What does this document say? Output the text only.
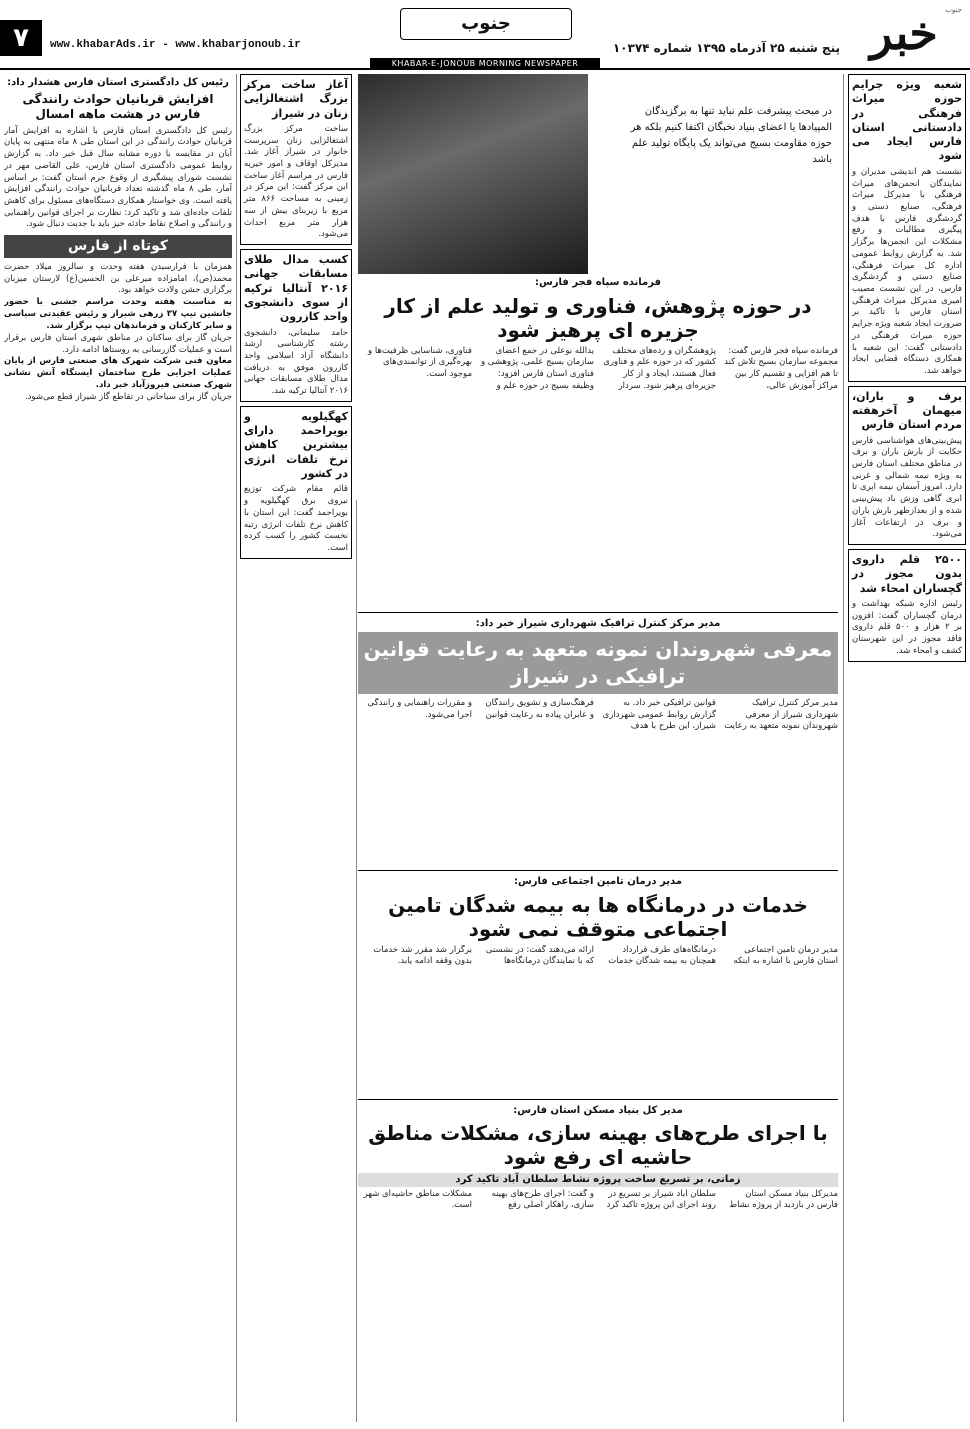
خبر	جنوب
پنج شنبه ۲۵ آذرماه ۱۳۹۵ شماره ۱۰۳۷۴
جنوب
www.khabarAds.ir - www.khabarjonoub.ir
۷
KHABAR-E-JONOUB MORNING NEWSPAPER
شعبه ویژه جرایم حوزه میراث فرهنگی در دادستانی استان فارس ایجاد می شود
نشست هم اندیشی مدیران و نمایندگان انجمن‌های میراث فرهنگی با مدیرکل میراث فرهنگی، صنایع دستی و گردشگری فارس با هدف پیگیری مطالبات و رفع مشکلات این انجمن‌ها برگزار شد. به گزارش روابط عمومی اداره کل میراث فرهنگی، صنایع دستی و گردشگری فارس، در این نشست مصیب امیری مدیرکل میراث فرهنگی استان فارس با تاکید بر ضرورت ایجاد شعبه ویژه جرایم حوزه میراث فرهنگی در دادستانی گفت: این شعبه با همکاری دستگاه قضایی ایجاد خواهد شد.
برف و باران، میهمان آخرهفته مردم استان فارس
پیش‌بینی‌های هواشناسی فارس حکایت از بارش باران و برف در مناطق مختلف استان فارس به ویژه نیمه شمالی و غربی دارد. امروز آسمان نیمه ابری تا ابری گاهی وزش باد پیش‌بینی شده و از بعدازظهر بارش باران و برف در ارتفاعات آغاز می‌شود.
۲۵۰۰ قلم داروی بدون مجوز در گچساران امحاء شد
رئیس اداره شبکه بهداشت و درمان گچساران گفت: افزون بر ۲ هزار و ۵۰۰ قلم داروی فاقد مجوز در این شهرستان کشف و امحاء شد.
در مبحث پیشرفت علم نباید تنها به برگزیدگان المپیادها یا اعضای بنیاد نخبگان اکتفا کنیم بلکه هر حوزه مقاومت بسیج می‌تواند یک پایگاه تولید علم باشد
فرمانده سپاه فجر فارس:
در حوزه پژوهش، فناوری و تولید علم از کار جزیره ای پرهیز شود
فرمانده سپاه فجر فارس گفت: مجموعه سازمان بسیج تلاش کند تا هم افزایی و تقسیم کار بین مراکز آموزش عالی، پژوهشگران و رده‌های مختلف کشور که در حوزه علم و فناوری فعال هستند، ایجاد و از کار جزیره‌ای پرهیز شود. سردار یدالله بوعلی در جمع اعضای سازمان بسیج علمی، پژوهشی و فناوری استان فارس افزود: وظیفه بسیج در حوزه علم و فناوری، شناسایی ظرفیت‌ها و بهره‌گیری از توانمندی‌های موجود است.
مدیر مرکز کنترل ترافیک شهرداری شیراز خبر داد:
معرفی شهروندان نمونه متعهد به رعایت قوانین ترافیکی در شیراز
مدیر مرکز کنترل ترافیک شهرداری شیراز از معرفی شهروندان نمونه متعهد به رعایت قوانین ترافیکی خبر داد. به گزارش روابط عمومی شهرداری شیراز، این طرح با هدف فرهنگ‌سازی و تشویق رانندگان و عابران پیاده به رعایت قوانین و مقررات راهنمایی و رانندگی اجرا می‌شود.
مدیر درمان تامین اجتماعی فارس:
خدمات در درمانگاه ها به بیمه شدگان تامین اجتماعی متوقف نمی شود
مدیر درمان تامین اجتماعی استان فارس با اشاره به اینکه درمانگاه‌های طرف قرارداد همچنان به بیمه شدگان خدمات ارائه می‌دهند گفت: در نشستی که با نمایندگان درمانگاه‌ها برگزار شد مقرر شد خدمات بدون وقفه ادامه یابد.
مدیر کل بنیاد مسکن استان فارس:
با اجرای طرح‌های بهینه سازی، مشکلات مناطق حاشیه ای رفع شود
زمانی، بر تسریع ساخت پروژه نشاط سلطان آباد تاکید کرد
مدیرکل بنیاد مسکن استان فارس در بازدید از پروژه نشاط سلطان آباد شیراز بر تسریع در روند اجرای این پروژه تاکید کرد و گفت: اجرای طرح‌های بهینه سازی، راهکار اصلی رفع مشکلات مناطق حاشیه‌ای شهر است.
آغاز ساخت مرکز بزرگ اشتغالزایی زنان در شیراز
ساخت مرکز بزرگ اشتغالزایی زنان سرپرست خانوار در شیراز آغاز شد. مدیرکل اوقاف و امور خیریه فارس در مراسم آغاز ساخت این مرکز گفت: این مرکز در زمینی به مساحت ۸۶۶ متر مربع با زیربنای بیش از سه هزار متر مربع احداث می‌شود.
کسب مدال طلای مسابقات جهانی ۲۰۱۶ آنتالیا ترکیه از سوی دانشجوی واحد کازرون
حامد سلیمانی، دانشجوی رشته کارشناسی ارشد دانشگاه آزاد اسلامی واحد کازرون موفق به دریافت مدال طلای مسابقات جهانی ۲۰۱۶ آنتالیا ترکیه شد.
کهگیلویه و بویراحمد دارای بیشترین کاهش نرخ تلفات انرژی در کشور
قائم مقام شرکت توزیع نیروی برق کهگیلویه و بویراحمد گفت: این استان با کاهش نرخ تلفات انرژی رتبه نخست کشور را کسب کرده است.
رئیس کل دادگستری استان فارس هشدار داد:
افزایش قربانیان حوادث رانندگی فارس در هشت ماهه امسال
رئیس کل دادگستری استان فارس با اشاره به افزایش آمار قربانیان حوادث رانندگی در این استان طی ۸ ماه منتهی به پایان آبان در مقایسه با دوره مشابه سال قبل خبر داد. به گزارش روابط عمومی دادگستری استان فارس، علی القاضی مهر در نشست شورای پیشگیری از وقوع جرم استان گفت: بر اساس آمار، طی ۸ ماه گذشته تعداد قربانیان حوادث رانندگی افزایش یافته است. وی خواستار همکاری دستگاه‌های مسئول برای کاهش تلفات جاده‌ای شد و تاکید کرد: نظارت بر اجرای قوانین راهنمایی و رانندگی و اصلاح نقاط حادثه خیز باید با جدیت دنبال شود.
کوتاه از فارس
همزمان با فرارسیدن هفته وحدت و سالروز میلاد حضرت محمد(ص)، امامزاده میرعلی بن الحسین(ع) لارستان میزبان برگزاری جشن ولادت خواهد بود.
به مناسبت هفته وحدت مراسم جشنی با حضور جانشین تیپ ۳۷ زرهی شیراز و رئیس عقیدتی سیاسی و سایر کارکنان و فرماندهان تیپ برگزار شد.
جریان گاز برای ساکنان در مناطق شهری استان فارس برقرار است و عملیات گازرسانی به روستاها ادامه دارد.
معاون فنی شرکت شهرک های صنعتی فارس از پایان عملیات اجرایی طرح ساختمان ایستگاه آتش نشانی شهرک صنعتی فیروزآباد خبر داد.
جریان گاز برای سیاحانی در تقاطع گاز شیراز قطع می‌شود.
